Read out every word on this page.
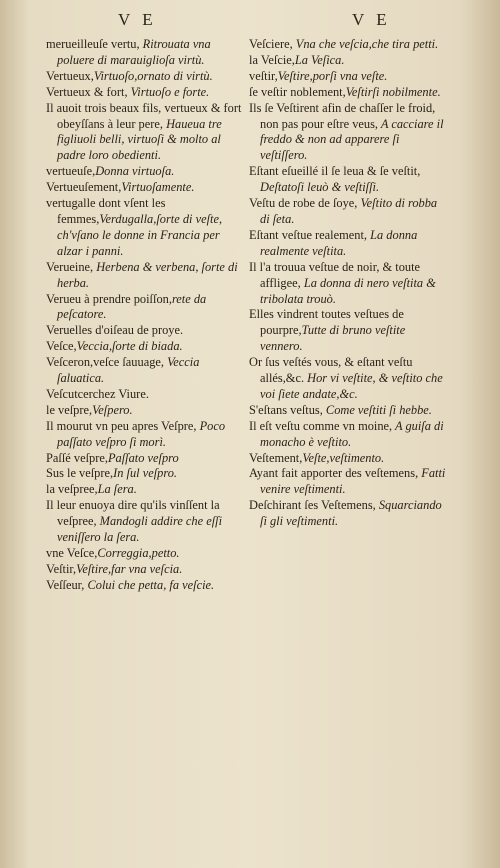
V E	V E

merueilleuſe vertu, Ritrouata vna poluere di marauiglioſa virtù.

Vertueux,Virtuoſo,ornato di virtù.

Vertueux & fort, Virtuoſo e forte.

Il auoit trois beaux fils, vertueux & fort obeyſſans à leur pere, Haueua tre figliuoli belli, virtuoſi & molto al padre loro obedienti.

vertueuſe,Donna virtuoſa.

Vertueuſement,Virtuoſamente.

vertugalle dont vſent les femmes,Verdugalla,ſorte di veſte, ch'vſano le donne in Francia per alzar i panni.

Verueine, Herbena & verbena, ſorte di herba.

Verueu à prendre poiſſon,rete da peſcatore.

Veruelles d'oiſeau de proye.

Veſce,Veccia,ſorte di biada.

Veſceron,veſce ſauuage, Veccia ſaluatica.

Veſcutcerchez Viure.

le veſpre,Veſpero.

Il mourut vn peu apres Veſpre, Poco paſſato veſpro ſi morì.

Paſſé veſpre,Paſſato veſpro

Sus le veſpre,In ſul veſpro.

la veſpree,La ſera.

Il leur enuoya dire qu'ils vinſſent la veſpree, Mandogli addire che eſſi veniſſero la ſera.

vne Veſce,Correggia,petto.

Veſtir,Veſtire,far vna veſcia.

Veſſeur, Colui che petta, fa veſcie.

Veſciere, Vna che veſcia,che tira petti.

la Veſcie,La Veſica.

veſtir,Veſtire,porſi vna veſte.

ſe veſtir noblement,Veſtirſi nobilmente.

Ils ſe Veſtirent afin de chaſſer le froid, non pas pour eſtre veus, A cacciare il freddo & non ad apparere ſi veſtiſſero.

Eſtant eſueillé il ſe leua & ſe veſtit, Deſtatoſi leuò & veſtiſſi.

Veſtu de robe de ſoye, Veſtito di robba di ſeta.

Eſtant veſtue realement, La donna realmente veſtita.

Il l'a trouua veſtue de noir, & toute affligee, La donna di nero veſtita & tribolata trouò.

Elles vindrent toutes veſtues de pourpre,Tutte di bruno veſtite vennero.

Or ſus veſtés vous, & eſtant veſtu allés,&c. Hor vi veſtite, & veſtito che voi ſiete andate,&c.

S'eſtans veſtus, Come veſtiti ſi hebbe.

Il eſt veſtu comme vn moine, A guiſa di monacho è veſtito.

Veſtement,Veſte,veſtimento.

Ayant fait apporter des veſtemens, Fatti venire veſtimenti.

Deſchirant ſes Veſtemens, Squarciando ſi gli veſtimenti.
